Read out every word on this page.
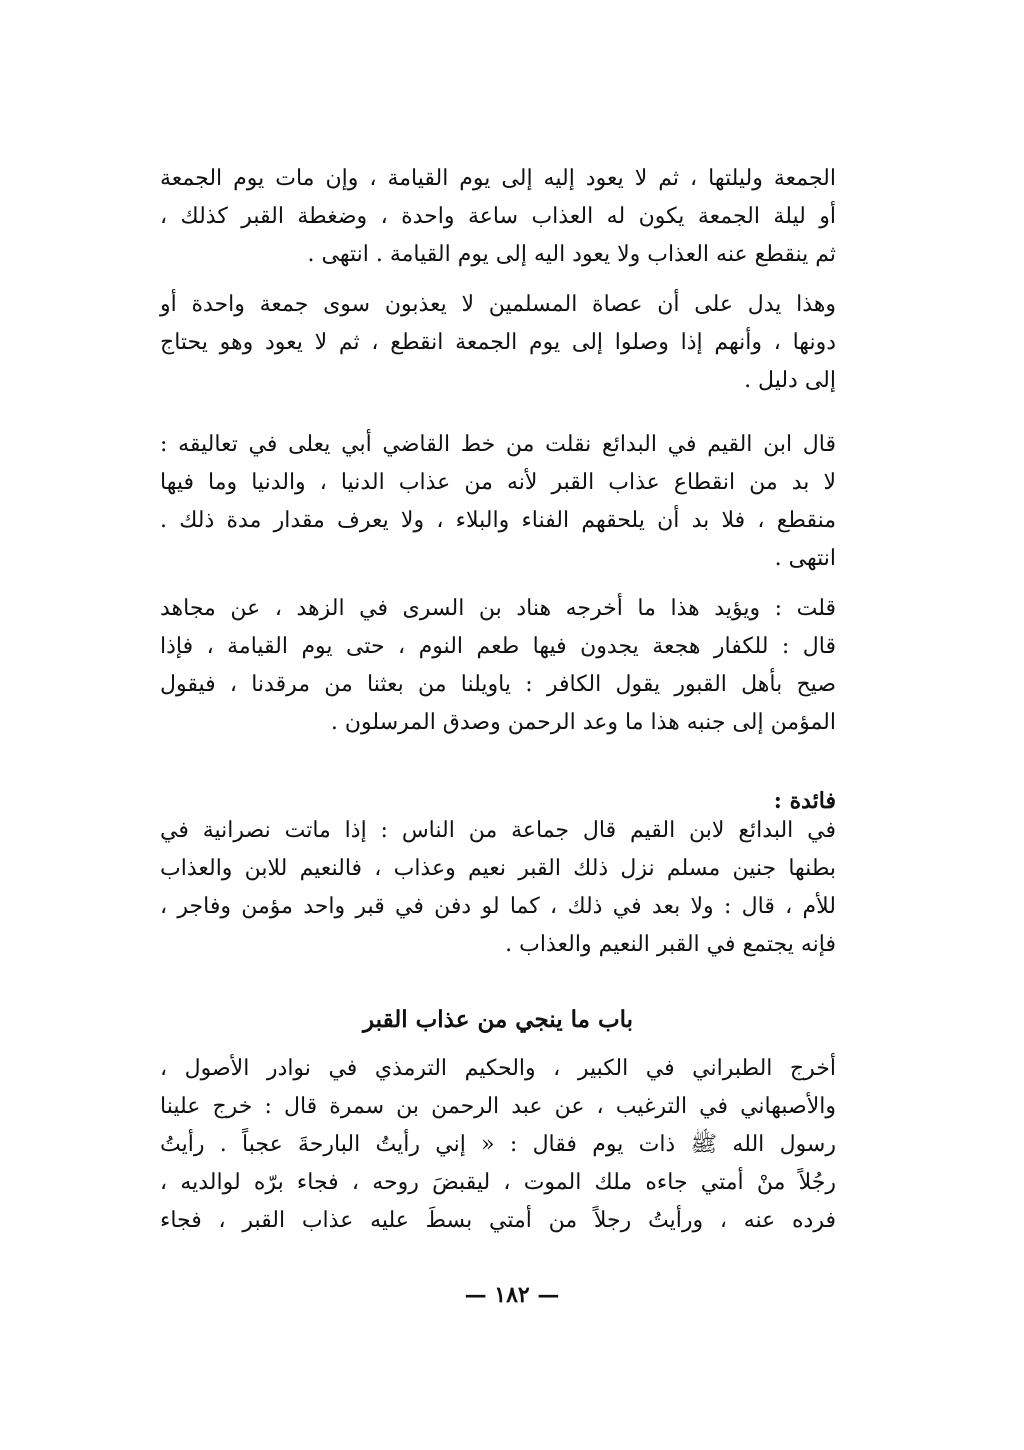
الجمعة وليلتها ، ثم لا يعود إليه إلى يوم القيامة ، وإن مات يوم الجمعة
أو ليلة الجمعة يكون له العذاب ساعة واحدة ، وضغطة القبر كذلك ،
ثم ينقطع عنه العذاب ولا يعود اليه إلى يوم القيامة . انتهى .
وهذا يدل على أن عصاة المسلمين لا يعذبون سوى جمعة واحدة أو
دونها ، وأنهم إذا وصلوا إلى يوم الجمعة انقطع ، ثم لا يعود وهو يحتاج
إلى دليل .
قال ابن القيم في البدائع نقلت من خط القاضي أبي يعلى في تعاليقه :
لا بد من انقطاع عذاب القبر لأنه من عذاب الدنيا ، والدنيا وما فيها
منقطع ، فلا بد أن يلحقهم الفناء والبلاء ، ولا يعرف مقدار مدة ذلك .
انتهى .
قلت : ويؤيد هذا ما أخرجه هناد بن السرى في الزهد ، عن مجاهد
قال : للكفار هجعة يجدون فيها طعم النوم ، حتى يوم القيامة ، فإذا
صيح بأهل القبور يقول الكافر : ياويلنا من بعثنا من مرقدنا ، فيقول
المؤمن إلى جنبه هذا ما وعد الرحمن وصدق المرسلون .
فائدة :
في البدائع لابن القيم قال جماعة من الناس : إذا ماتت نصرانية في
بطنها جنين مسلم نزل ذلك القبر نعيم وعذاب ، فالنعيم للابن والعذاب
للأم ، قال : ولا بعد في ذلك ، كما لو دفن في قبر واحد مؤمن وفاجر ،
فإنه يجتمع في القبر النعيم والعذاب .
باب ما ينجي من عذاب القبر
أخرج الطبراني في الكبير ، والحكيم الترمذي في نوادر الأصول ،
والأصبهاني في الترغيب ، عن عبد الرحمن بن سمرة قال : خرج علينا
رسول الله ﷺ ذات يوم فقال : « إني رأيتُ البارحةَ عجباً . رأيتُ
رجُلاً منْ أمتي جاءه ملك الموت ، ليقبضَ روحه ، فجاء برّه لوالديه ،
فرده عنه ، ورأيتُ رجلاً من أمتي بسطَ عليه عذاب القبر ، فجاء
— ١٨٢ —
